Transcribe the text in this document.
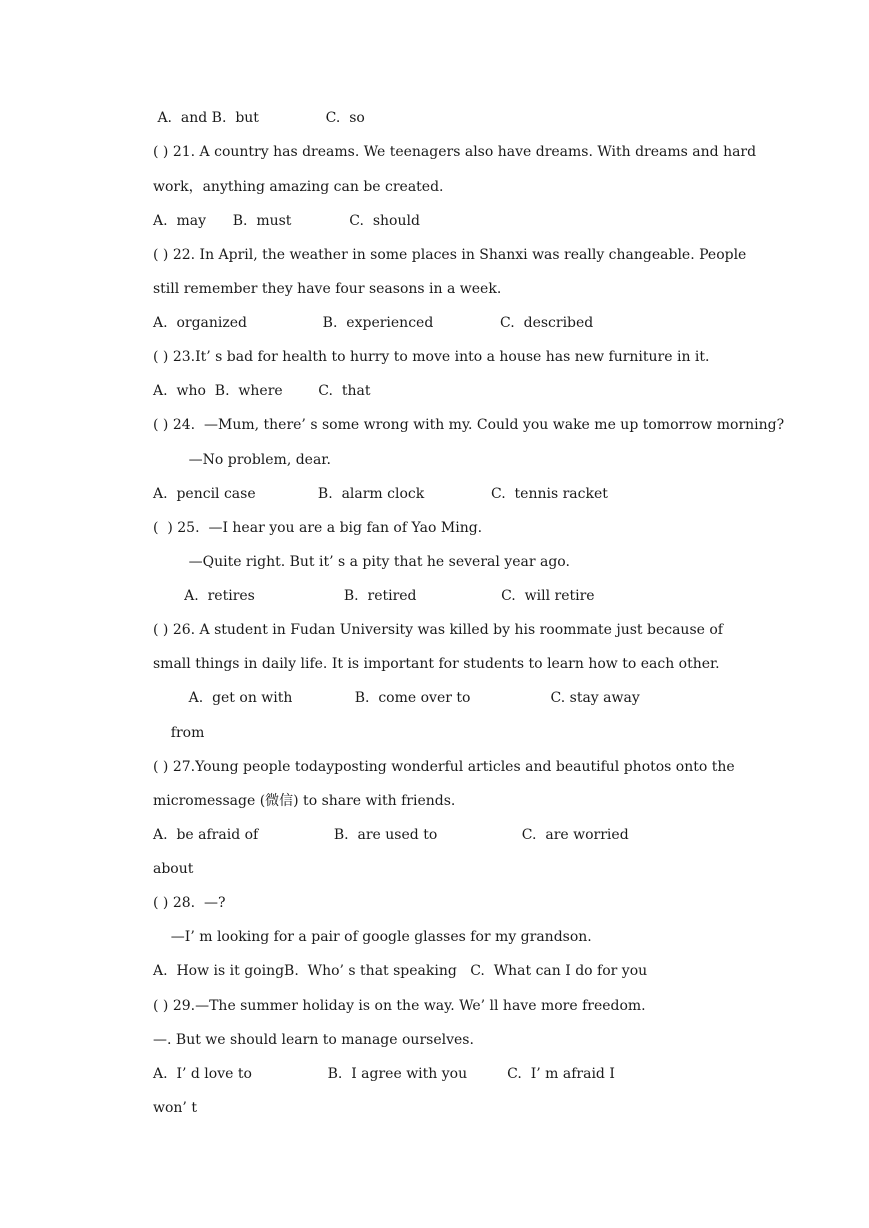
A.  and B.  but               C.  so
( ) 21. A country has dreams. We teenagers also have dreams. With dreams and hard
work，anything amazing can be created.
A.  may      B.  must             C.  should
( ) 22. In April, the weather in some places in Shanxi was really changeable. People
still remember they have four seasons in a week.
A.  organized                 B.  experienced               C.  described
( ) 23.It’ s bad for health to hurry to move into a house has new furniture in it.
A.  who  B.  where        C.  that
( ) 24.  —Mum, there’ s some wrong with my. Could you wake me up tomorrow morning?
—No problem, dear.
A.  pencil case              B.  alarm clock               C.  tennis racket
(  ) 25.  —I hear you are a big fan of Yao Ming.
—Quite right. But it’ s a pity that he several year ago.
A.  retires                    B.  retired                   C.  will retire
( ) 26. A student in Fudan University was killed by his roommate just because of
small things in daily life. It is important for students to learn how to each other.
A.  get on with              B.  come over to                  C. stay away
from
( ) 27.Young people todayposting wonderful articles and beautiful photos onto the
micromessage (微信) to share with friends.
A.  be afraid of                 B.  are used to                   C.  are worried
about
( ) 28.  —?
—I’ m looking for a pair of google glasses for my grandson.
A.  How is it goingB.  Who’ s that speaking   C.  What can I do for you
( ) 29.—The summer holiday is on the way. We’ ll have more freedom.
—. But we should learn to manage ourselves.
A.  I’ d love to                 B.  I agree with you         C.  I’ m afraid I
won’ t
